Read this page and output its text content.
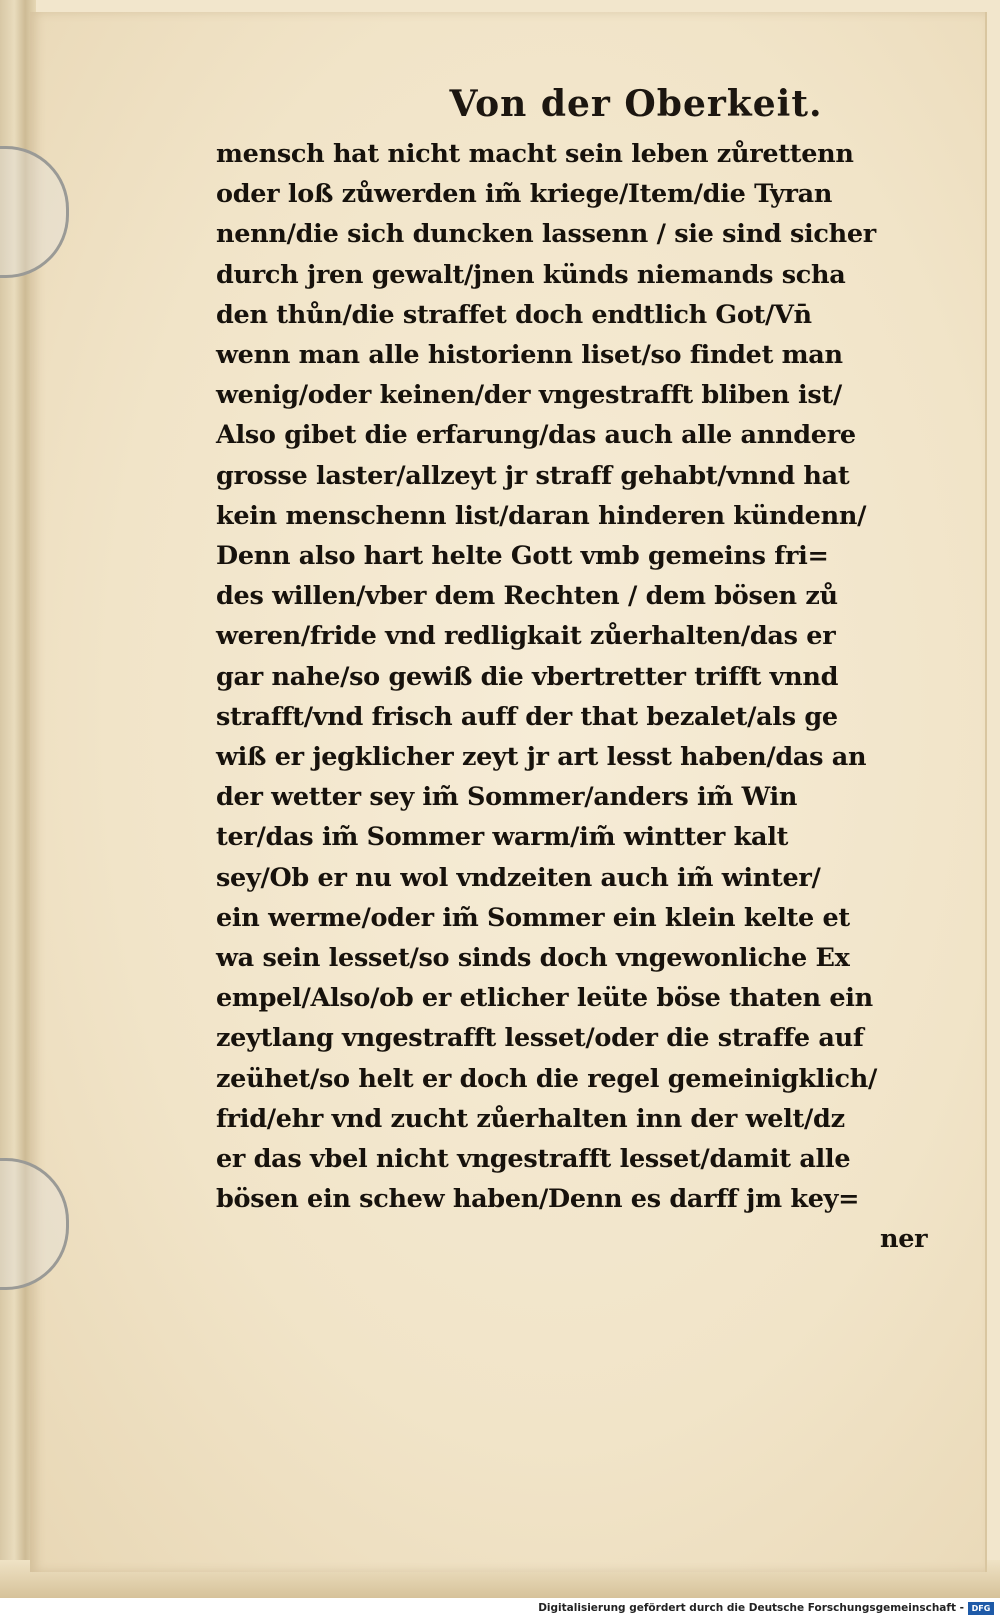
Von der Oberkeit.
mensch hat nicht macht sein leben zůrettenn
oder loß zůwerden im̃ kriege/Item/die Tyran
nenn/die sich duncken lassenn / sie sind sicher
durch jren gewalt/jnen künds niemands scha
den thůn/die straffet doch endtlich Got/Vn̄
wenn man alle historienn liset/so findet man
wenig/oder keinen/der vngestrafft bliben ist/
Also gibet die erfarung/das auch alle anndere
grosse laster/allzeyt jr straff gehabt/vnnd hat
kein menschenn list/daran hinderen kündenn/
Denn also hart helte Gott vmb gemeins fri=
des willen/vber dem Rechten / dem bösen zů
weren/fride vnd redligkait zůerhalten/das er
gar nahe/so gewiß die vbertretter trifft vnnd
strafft/vnd frisch auff der that bezalet/als ge
wiß er jegklicher zeyt jr art lesst haben/das an
der wetter sey im̃ Sommer/anders im̃ Win
ter/das im̃ Sommer warm/im̃ wintter kalt
sey/Ob er nu wol vndzeiten auch im̃ winter/
ein werme/oder im̃ Sommer ein klein kelte et
wa sein lesset/so sinds doch vngewonliche Ex
empel/Also/ob er etlicher leüte böse thaten ein
zeytlang vngestrafft lesset/oder die straffe auf
zeühet/so helt er doch die regel gemeinigklich/
frid/ehr vnd zucht zůerhalten inn der welt/dz
er das vbel nicht vngestrafft lesset/damit alle
bösen ein schew haben/Denn es darff jm key=
ner
Digitalisierung gefördert durch die Deutsche Forschungsgemeinschaft - DFG
